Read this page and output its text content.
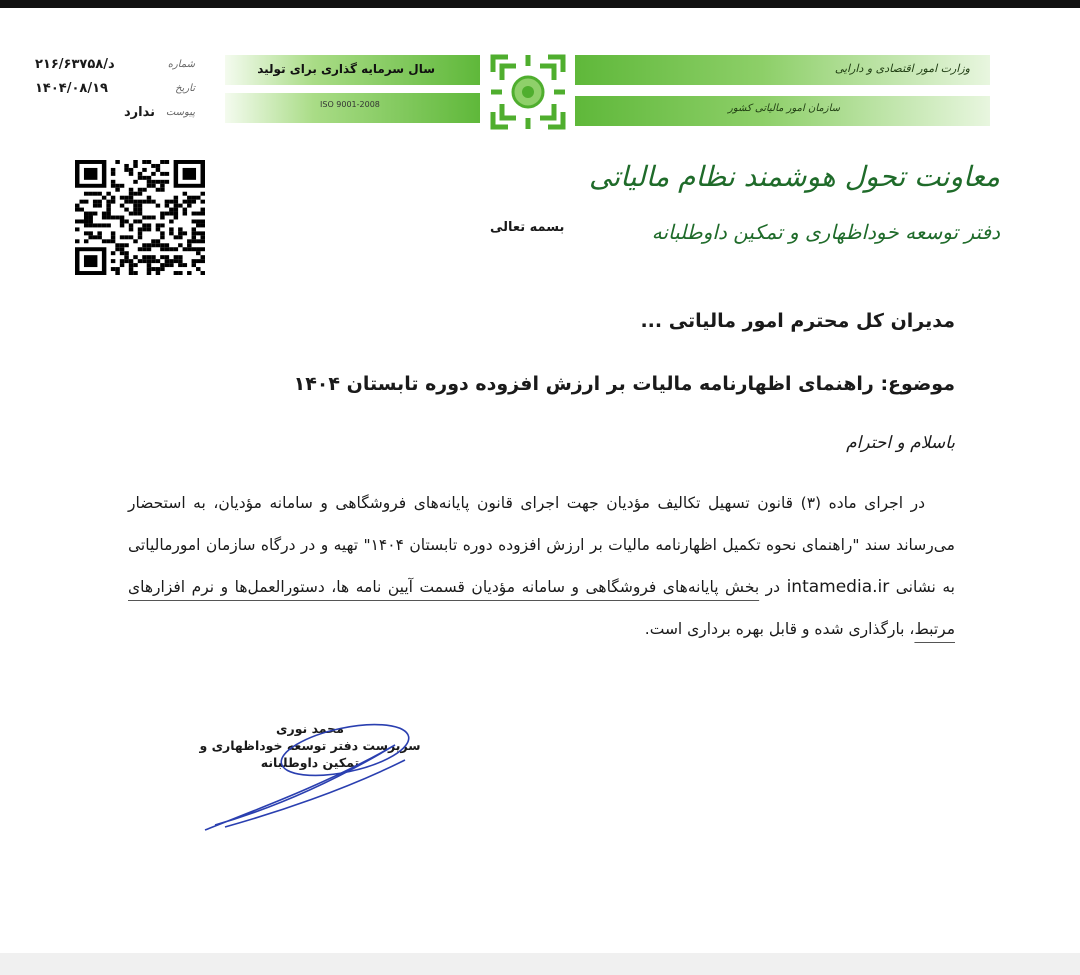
شماره
د/۲۱۶/۶۳۷۵۸
تاریخ
۱۴۰۴/۰۸/۱۹
پیوست
ندارد
سال سرمایه گذاری برای تولید
ISO 9001-2008
وزارت امور اقتصادی و دارایی
سازمان امور مالیاتی کشور
معاونت تحول هوشمند نظام مالیاتی
دفتر توسعه خوداظهاری و تمکین داوطلبانه
بسمه تعالی
مدیران کل محترم امور مالیاتی ...
موضوع: راهنمای اظهارنامه مالیات بر ارزش افزوده دوره تابستان ۱۴۰۴
باسلام و احترام
در اجرای ماده (۳) قانون تسهیل تکالیف مؤدیان جهت اجرای قانون پایانه‌های فروشگاهی و سامانه مؤدیان، به استحضار می‌رساند سند "راهنمای نحوه تکمیل اظهارنامه مالیات بر ارزش افزوده دوره تابستان ۱۴۰۴" تهیه و در درگاه سازمان امورمالیاتی به نشانی intamedia.ir در بخش پایانه‌های فروشگاهی و سامانه مؤدیان قسمت آیین نامه ها، دستورالعمل‌ها و نرم افزارهای مرتبط، بارگذاری شده و قابل بهره برداری است.
محمد نوری
سرپرست دفتر توسعه خوداظهاری و تمکین داوطلبانه
